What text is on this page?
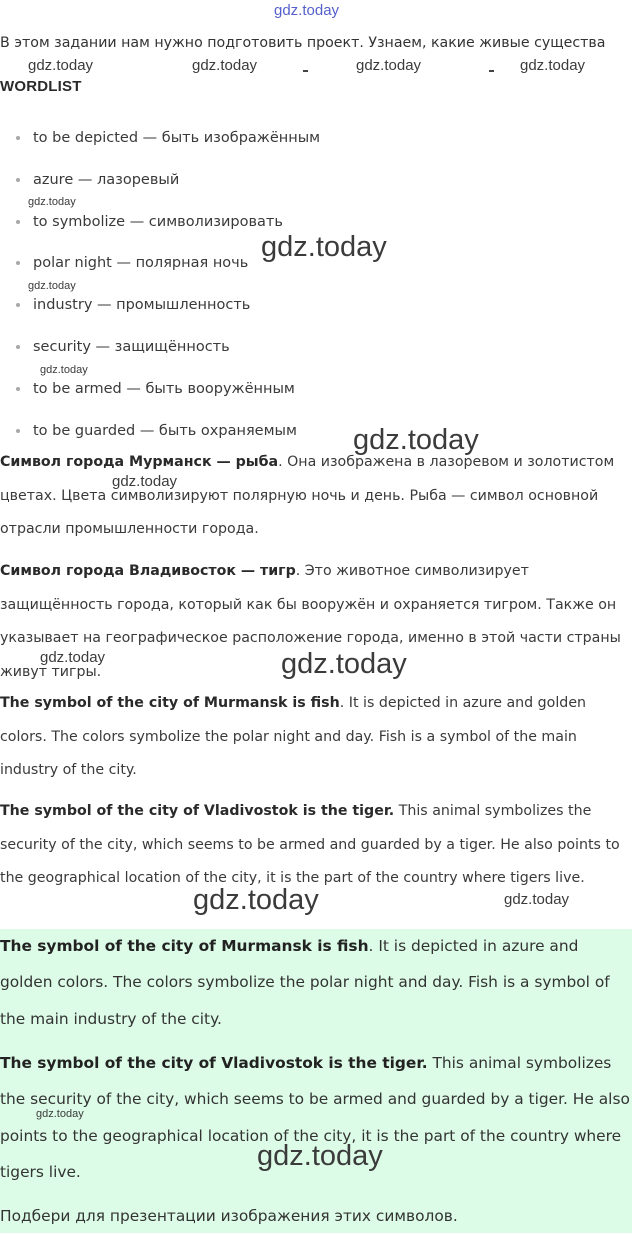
В этом задании нам нужно подготовить проект. Узнаем, какие живые существа
WORDLIST
to be depicted — быть изображённым
azure — лазоревый
to symbolize — символизировать
polar night — полярная ночь
industry — промышленность
security — защищённость
to be armed — быть вооружённым
to be guarded — быть охраняемым
Символ города Мурманск — рыба. Она изображена в лазоревом и золотистом цветах. Цвета символизируют полярную ночь и день. Рыба — символ основной отрасли промышленности города.
Символ города Владивосток — тигр. Это животное символизирует защищённость города, который как бы вооружён и охраняется тигром. Также он указывает на географическое расположение города, именно в этой части страны живут тигры.
The symbol of the city of Murmansk is fish. It is depicted in azure and golden colors. The colors symbolize the polar night and day. Fish is a symbol of the main industry of the city.
The symbol of the city of Vladivostok is the tiger. This animal symbolizes the security of the city, which seems to be armed and guarded by a tiger. He also points to the geographical location of the city, it is the part of the country where tigers live.
The symbol of the city of Murmansk is fish. It is depicted in azure and golden colors. The colors symbolize the polar night and day. Fish is a symbol of the main industry of the city.
The symbol of the city of Vladivostok is the tiger. This animal symbolizes the security of the city, which seems to be armed and guarded by a tiger. He also points to the geographical location of the city, it is the part of the country where tigers live.
Подбери для презентации изображения этих символов.
gdz.today
gdz.today	gdz.today	gdz.today	gdz.today
gdz.today
gdz.today
gdz.today
gdz.today
gdz.today
gdz.today
gdz.today	gdz.today
gdz.today	gdz.today
gdz.today
gdz.today
